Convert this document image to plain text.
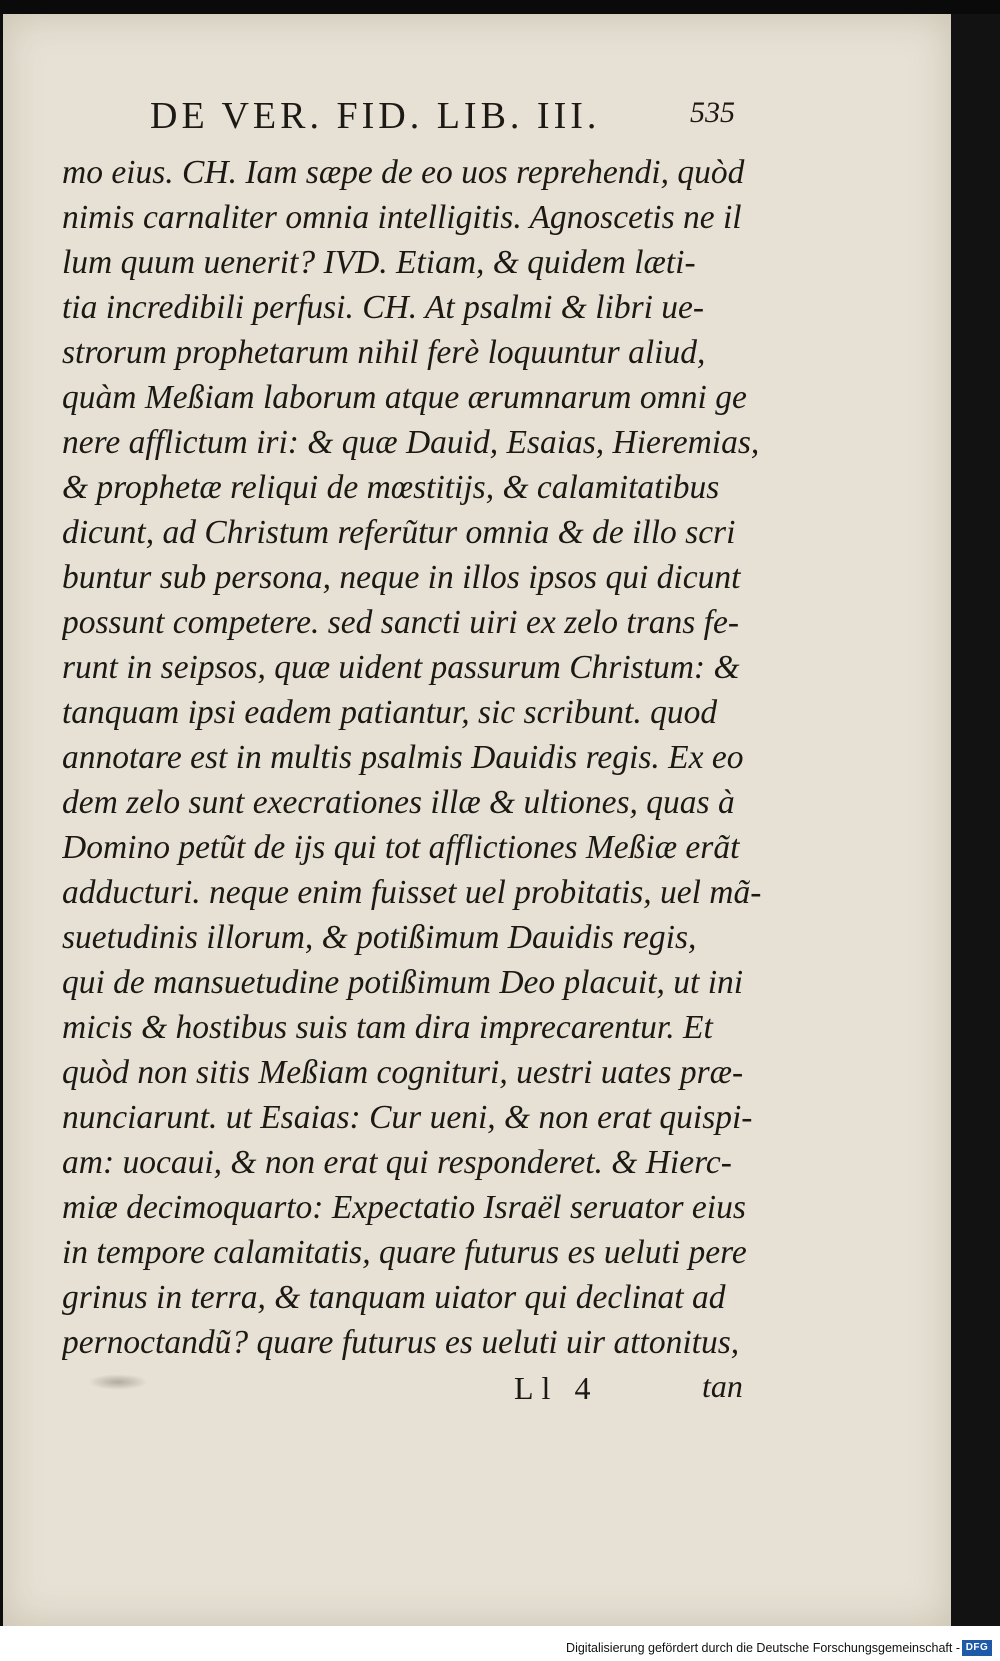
DE VER. FID. LIB. III.	535
mo eius. CH. Iam sæpe de eo uos reprehendi, quòd
nimis carnaliter omnia intelligitis. Agnoscetis ne il
lum quum uenerit? IVD. Etiam, & quidem læti-
tia incredibili perfusi. CH. At psalmi & libri ue-
strorum prophetarum nihil ferè loquuntur aliud,
quàm Meßiam laborum atque ærumnarum omni ge
nere afflictum iri: & quæ Dauid, Esaias, Hieremias,
& prophetæ reliqui de mœstitijs, & calamitatibus
dicunt, ad Christum referũtur omnia & de illo scri
buntur sub persona, neque in illos ipsos qui dicunt
possunt competere. sed sancti uiri ex zelo trans fe-
runt in seipsos, quæ uident passurum Christum: &
tanquam ipsi eadem patiantur, sic scribunt. quod
annotare est in multis psalmis Dauidis regis. Ex eo
dem zelo sunt execrationes illæ & ultiones, quas à
Domino petũt de ijs qui tot afflictiones Meßiæ erãt
adducturi. neque enim fuisset uel probitatis, uel mã-
suetudinis illorum, & potißimum Dauidis regis,
qui de mansuetudine potißimum Deo placuit, ut ini
micis & hostibus suis tam dira imprecarentur. Et
quòd non sitis Meßiam cognituri, uestri uates præ-
nunciarunt. ut Esaias: Cur ueni, & non erat quispi-
am: uocaui, & non erat qui responderet. & Hierc-
miæ decimoquarto: Expectatio Israël seruator eius
in tempore calamitatis, quare futurus es ueluti pere
grinus in terra, & tanquam uiator qui declinat ad
pernoctandũ? quare futurus es ueluti uir attonitus,
Ll 4	tan
Digitalisierung gefördert durch die Deutsche Forschungsgemeinschaft - DFG
